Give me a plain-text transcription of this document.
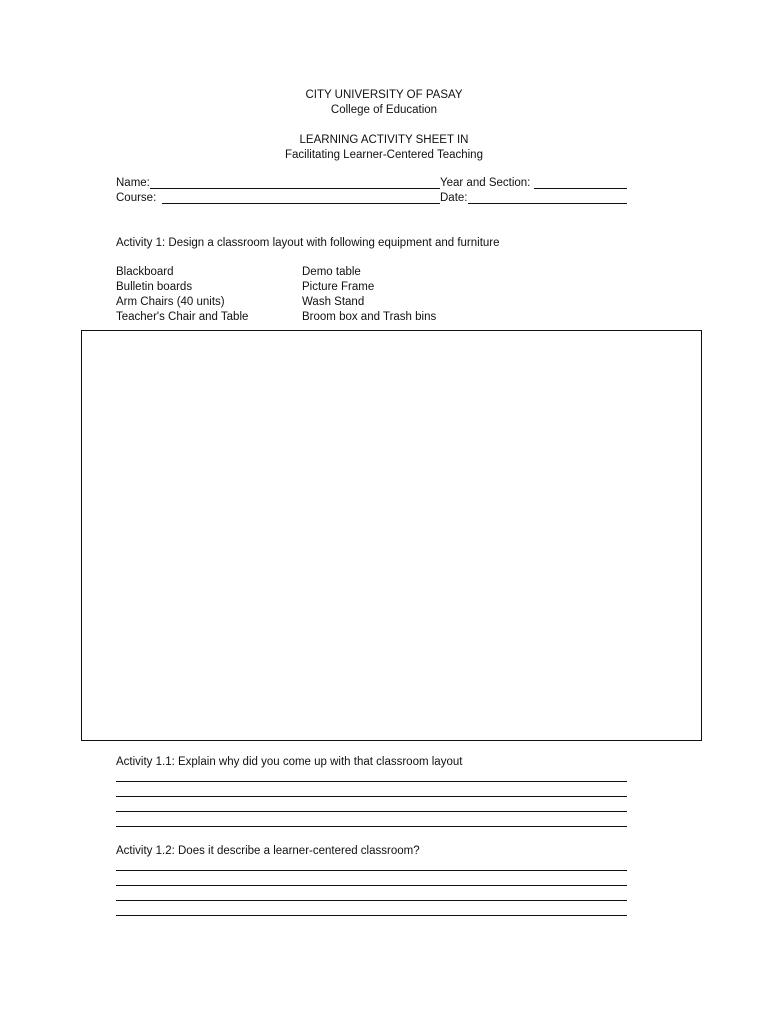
CITY UNIVERSITY OF PASAY
College of Education
LEARNING ACTIVITY SHEET IN
Facilitating Learner-Centered Teaching
Name:	Year and Section:
Course:	Date:
Activity 1: Design a classroom layout with following equipment and furniture
Blackboard
Bulletin boards
Arm Chairs (40 units)
Teacher's Chair and Table
Demo table
Picture Frame
Wash Stand
Broom box and Trash bins
Activity 1.1: Explain why did you come up with that classroom layout
Activity 1.2: Does it describe a learner-centered classroom?
